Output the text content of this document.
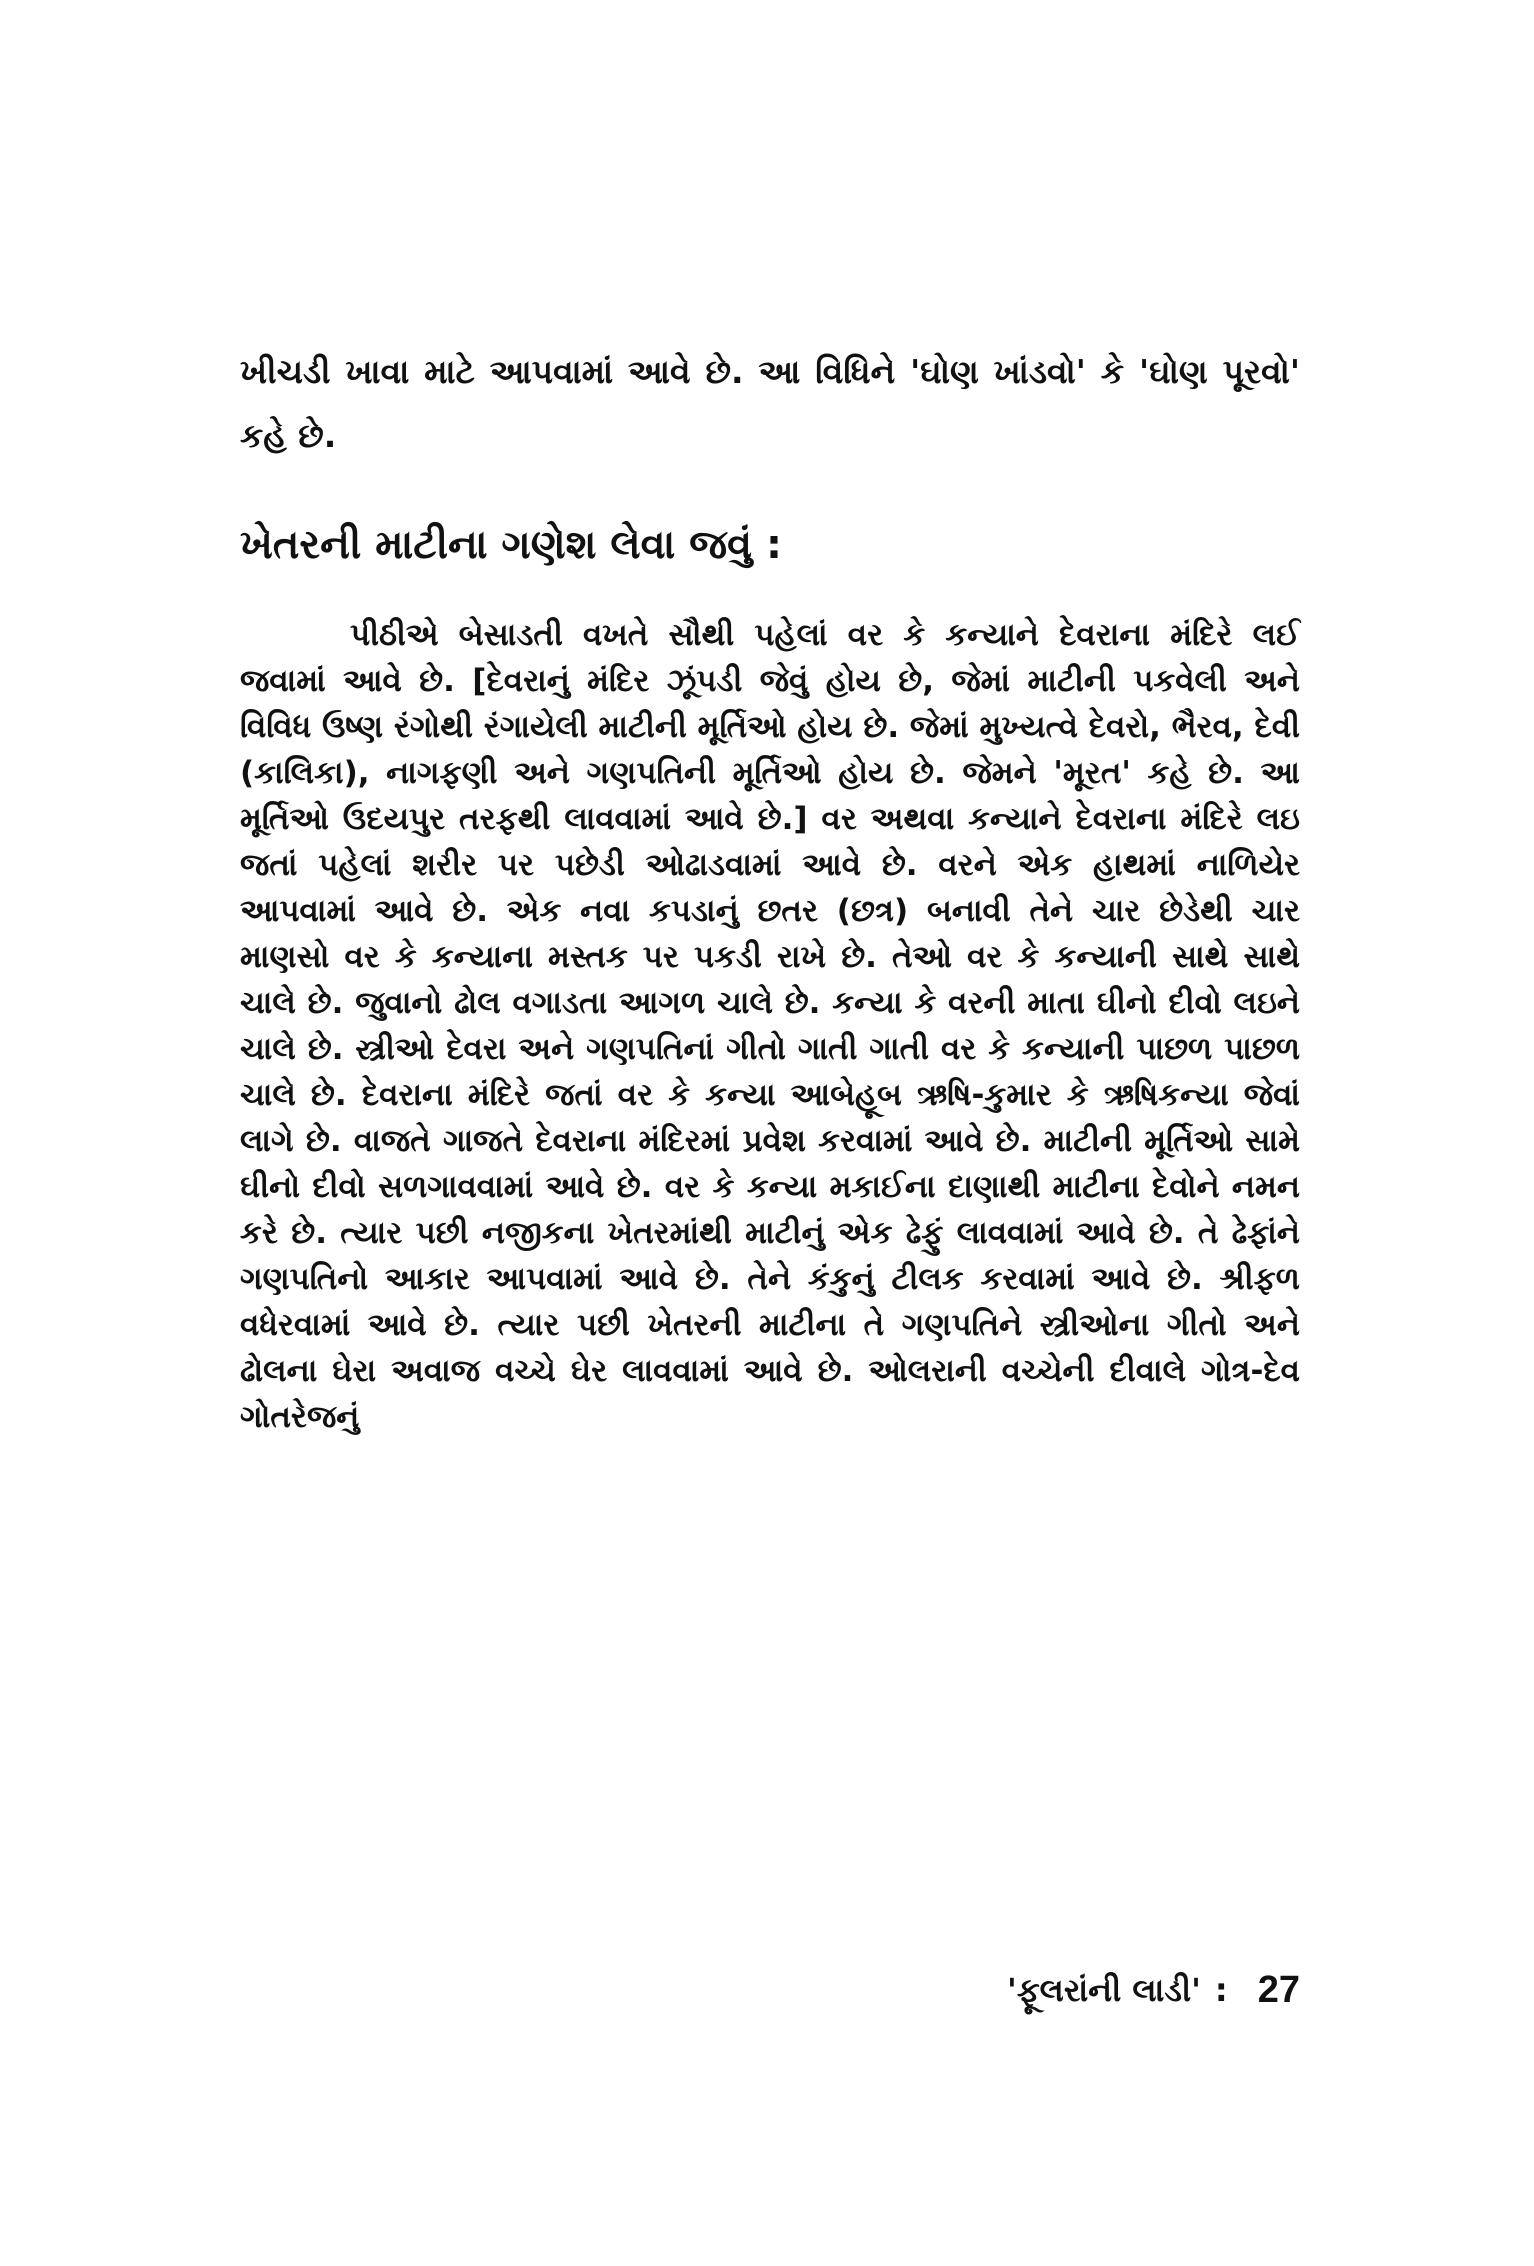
ખીચડી ખાવા માટે આપવામાં આવે છે. આ વિધિને 'ઘોણ ખાંડવો' કે 'ઘોણ પૂરવો' કહે છે.

ખેતરની માટીના ગણેશ લેવા જવું :

પીઠીએ બેસાડતી વખતે સૌથી પહેલાં વર કે કન્યાને દેવરાના મંદિરે લઈ જવામાં આવે છે. [દેવરાનું મંદિર ઝૂંપડી જેવું હોય છે, જેમાં માટીની પકવેલી અને વિવિધ ઉષ્ણ રંગોથી રંગાયેલી માટીની મૂર્તિઓ હોય છે. જેમાં મુખ્યત્વે દેવરો, ભૈરવ, દેવી (કાલિકા), નાગફણી અને ગણપતિની મૂર્તિઓ હોય છે. જેમને 'મૂરત' કહે છે. આ મૂર્તિઓ ઉદયપુર તરફથી લાવવામાં આવે છે.] વર અથવા કન્યાને દેવરાના મંદિરે લઇ જતાં પહેલાં શરીર પર પછેડી ઓઢાડવામાં આવે છે. વરને એક હાથમાં નાળિયેર આપવામાં આવે છે. એક નવા કપડાનું છતર (છત્ર) બનાવી તેને ચાર છેડેથી ચાર માણસો વર કે કન્યાના મસ્તક પર પકડી રાખે છે. તેઓ વર કે કન્યાની સાથે સાથે ચાલે છે. જુવાનો ઢોલ વગાડતા આગળ ચાલે છે. કન્યા કે વરની માતા ઘીનો દીવો લઇને ચાલે છે. સ્ત્રીઓ દેવરા અને ગણપતિનાં ગીતો ગાતી ગાતી વર કે કન્યાની પાછળ પાછળ ચાલે છે. દેવરાના મંદિરે જતાં વર કે કન્યા આબેહૂબ ઋષિ-કુમાર કે ઋષિકન્યા જેવાં લાગે છે. વાજતે ગાજતે દેવરાના મંદિરમાં પ્રવેશ કરવામાં આવે છે. માટીની મૂર્તિઓ સામે ઘીનો દીવો સળગાવવામાં આવે છે. વર કે કન્યા મકાઈના દાણાથી માટીના દેવોને નમન કરે છે. ત્યાર પછી નજીકના ખેતરમાંથી માટીનું એક ઢેફું લાવવામાં આવે છે. તે ઢેફાંને ગણપતિનો આકાર આપવામાં આવે છે. તેને કંકુનું ટીલક કરવામાં આવે છે. શ્રીફળ વધેરવામાં આવે છે. ત્યાર પછી ખેતરની માટીના તે ગણપતિને સ્ત્રીઓના ગીતો અને ઢોલના ઘેરા અવાજ વચ્ચે ઘેર લાવવામાં આવે છે. ઓલરાની વચ્ચેની દીવાલે ગોત્ર-દેવ ગોતરેજનું

'ફૂલરાંની લાડી' : 27
